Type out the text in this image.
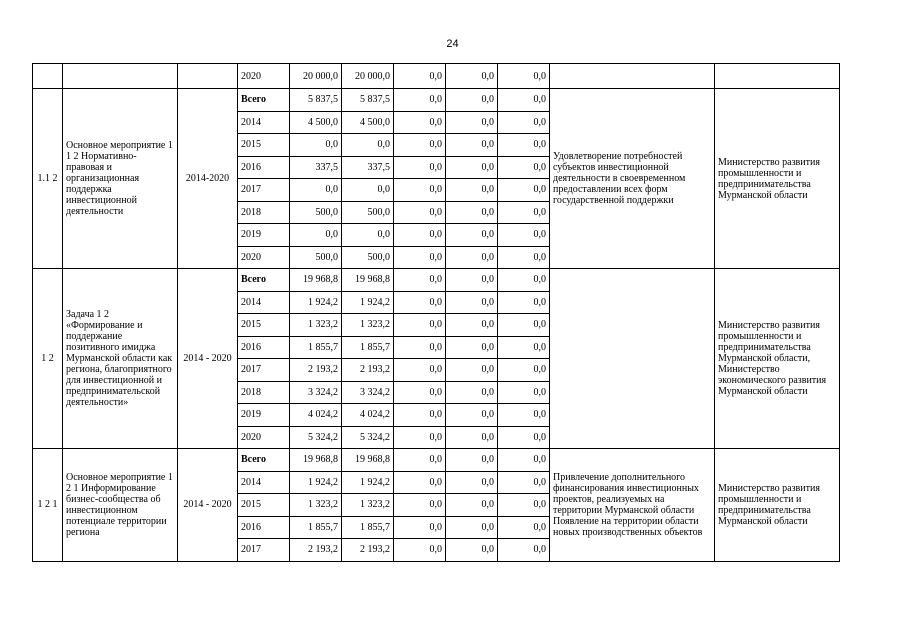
24
			2020	20 000,0	20 000,0	0,0	0,0	0,0		
1.1 2	Основное мероприятие 1 1 2 Нормативно-правовая и организационная поддержка инвестиционной деятельности	2014-2020	Всего	5 837,5	5 837,5	0,0	0,0	0,0	Удовлетворение потребностей субъектов инвестиционной деятельности в своевременном предоставлении всех форм государственной поддержки	Министерство развития промышленности и предпринимательства Мурманской области
			2014	4 500,0	4 500,0	0,0	0,0	0,0		
			2015	0,0	0,0	0,0	0,0	0,0		
			2016	337,5	337,5	0,0	0,0	0,0		
			2017	0,0	0,0	0,0	0,0	0,0		
			2018	500,0	500,0	0,0	0,0	0,0		
			2019	0,0	0,0	0,0	0,0	0,0		
			2020	500,0	500,0	0,0	0,0	0,0		
1 2	Задача 1 2 «Формирование и поддержание позитивного имиджа Мурманской области как региона, благоприятного для инвестиционной и предпринимательской деятельности»	2014 - 2020	Всего	19 968,8	19 968,8	0,0	0,0	0,0		Министерство развития промышленности и предпринимательства Мурманской области, Министерство экономического развития Мурманской области
			2014	1 924,2	1 924,2	0,0	0,0	0,0		
			2015	1 323,2	1 323,2	0,0	0,0	0,0		
			2016	1 855,7	1 855,7	0,0	0,0	0,0		
			2017	2 193,2	2 193,2	0,0	0,0	0,0		
			2018	3 324,2	3 324,2	0,0	0,0	0,0		
			2019	4 024,2	4 024,2	0,0	0,0	0,0		
			2020	5 324,2	5 324,2	0,0	0,0	0,0		
1 2 1	Основное мероприятие 1 2 1 Информирование бизнес-сообщества об инвестиционном потенциале территории региона	2014 - 2020	Всего	19 968,8	19 968,8	0,0	0,0	0,0	Привлечение дополнительного финансирования инвестиционных проектов, реализуемых на территории Мурманской области Появление на территории области новых производственных объектов	Министерство развития промышленности и предпринимательства Мурманской области
			2014	1 924,2	1 924,2	0,0	0,0	0,0		
			2015	1 323,2	1 323,2	0,0	0,0	0,0		
			2016	1 855,7	1 855,7	0,0	0,0	0,0		
			2017	2 193,2	2 193,2	0,0	0,0	0,0		
